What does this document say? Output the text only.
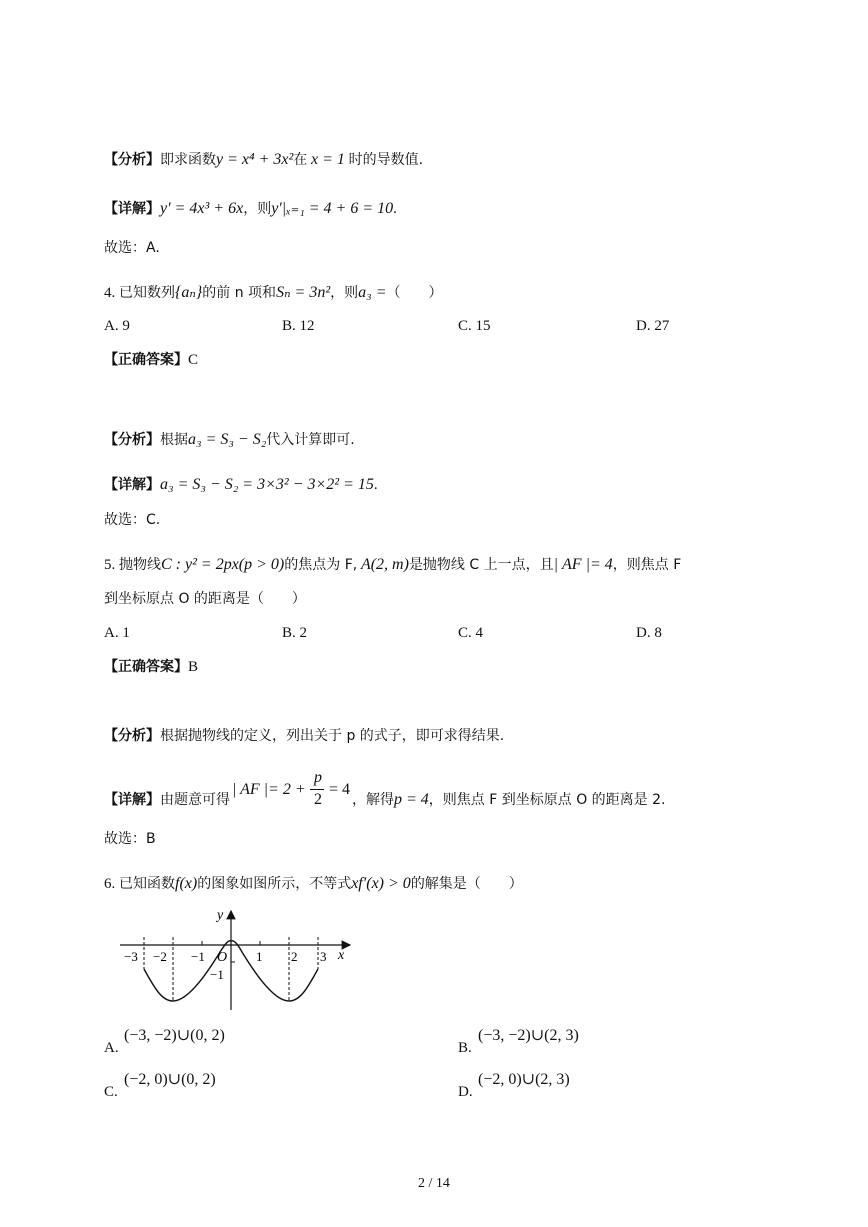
【分析】即求函数y = x⁴ + 3x²在 x = 1 时的导数值.
【详解】y′ = 4x³ + 6x，则y′|ₓ₌₁ = 4 + 6 = 10.
故选：A.
4. 已知数列{aₙ}的前 n 项和Sₙ = 3n²，则a₃ =（　　）
A. 9	B. 12	C. 15	D. 27
【正确答案】C
【分析】根据a₃ = S₃ − S₂代入计算即可.
【详解】a₃ = S₃ − S₂ = 3×3² − 3×2² = 15.
故选：C.
5. 抛物线C : y² = 2px(p > 0)的焦点为 F, A(2, m)是抛物线 C 上一点，且| AF |= 4，则焦点 F
到坐标原点 O 的距离是（　　）
A. 1	B. 2	C. 4	D. 8
【正确答案】B
【分析】根据抛物线的定义，列出关于 p 的式子，即可求得结果.
【详解】由题意可得
| AF |= 2 +
p
2
= 4
，解得p = 4，则焦点 F 到坐标原点 O 的距离是 2.
故选：B
6. 已知函数f(x)的图象如图所示，不等式xf′(x) > 0的解集是（　　）
y
x
O
−3 −2 −1	1 2 3
−1
A.
(−3, −2)∪(0, 2)
B.
(−3, −2)∪(2, 3)
C.
(−2, 0)∪(0, 2)
D.
(−2, 0)∪(2, 3)
2 / 14
